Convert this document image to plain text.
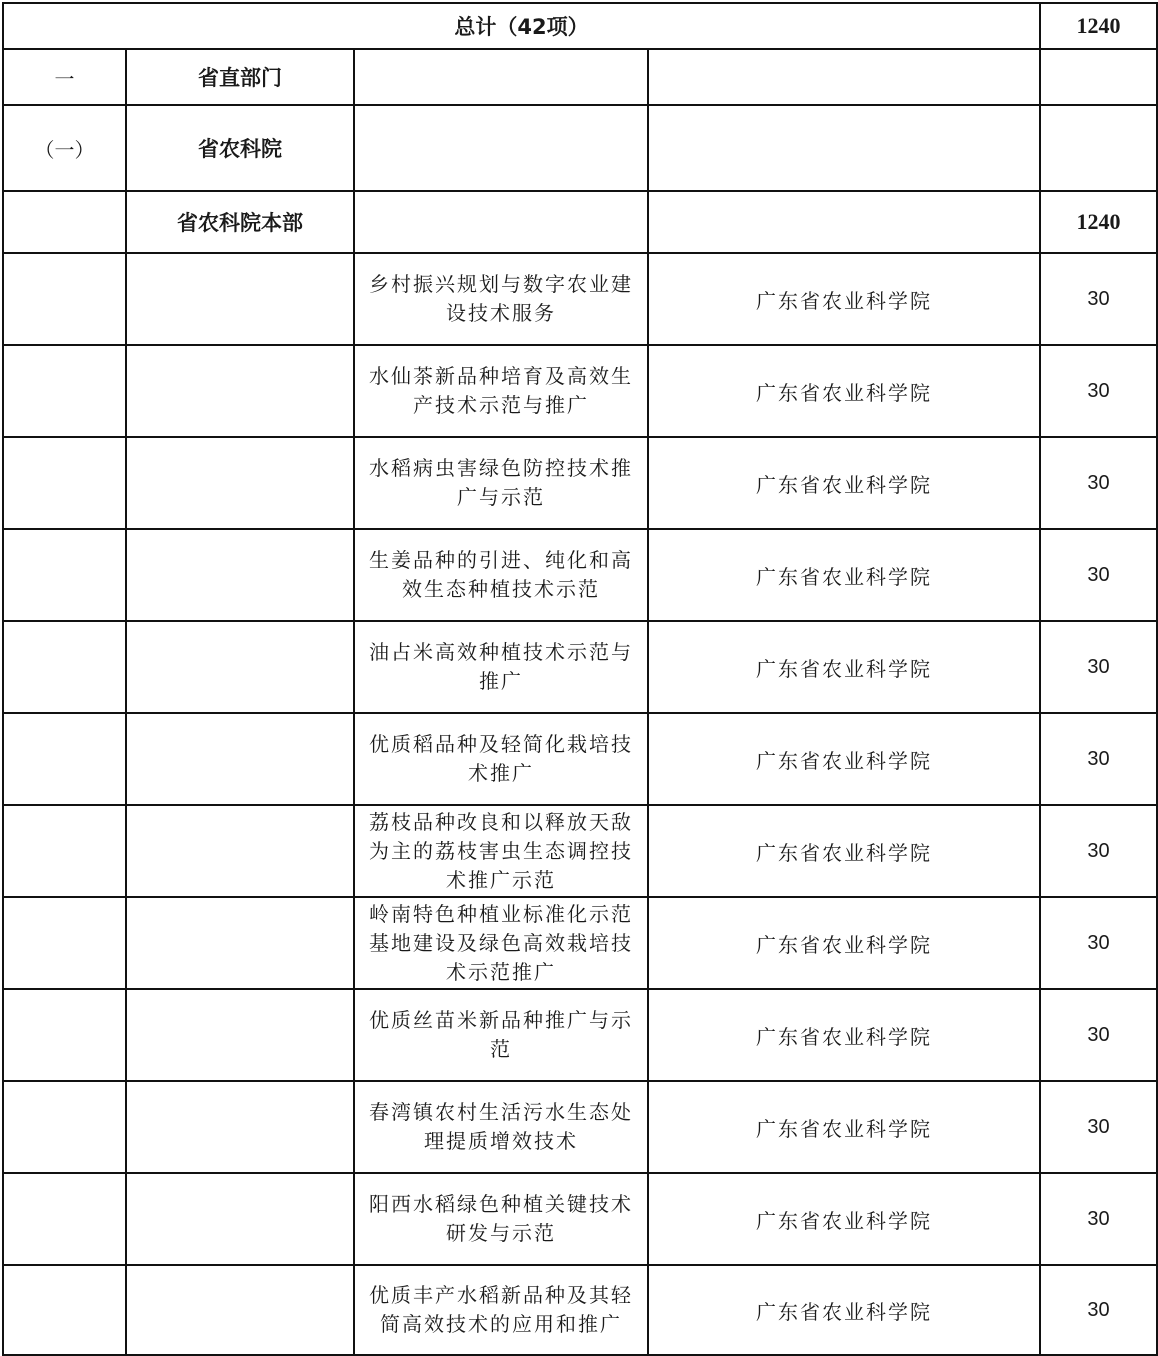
总计（42项）				1240
一	省直部门			
（一）	省农科院			
	省农科院本部			1240
		乡村振兴规划与数字农业建设技术服务	广东省农业科学院	30
		水仙茶新品种培育及高效生产技术示范与推广	广东省农业科学院	30
		水稻病虫害绿色防控技术推广与示范	广东省农业科学院	30
		生姜品种的引进、纯化和高效生态种植技术示范	广东省农业科学院	30
		油占米高效种植技术示范与推广	广东省农业科学院	30
		优质稻品种及轻简化栽培技术推广	广东省农业科学院	30
		荔枝品种改良和以释放天敌为主的荔枝害虫生态调控技术推广示范	广东省农业科学院	30
		岭南特色种植业标准化示范基地建设及绿色高效栽培技术示范推广	广东省农业科学院	30
		优质丝苗米新品种推广与示范	广东省农业科学院	30
		春湾镇农村生活污水生态处理提质增效技术	广东省农业科学院	30
		阳西水稻绿色种植关键技术研发与示范	广东省农业科学院	30
		优质丰产水稻新品种及其轻简高效技术的应用和推广	广东省农业科学院	30
